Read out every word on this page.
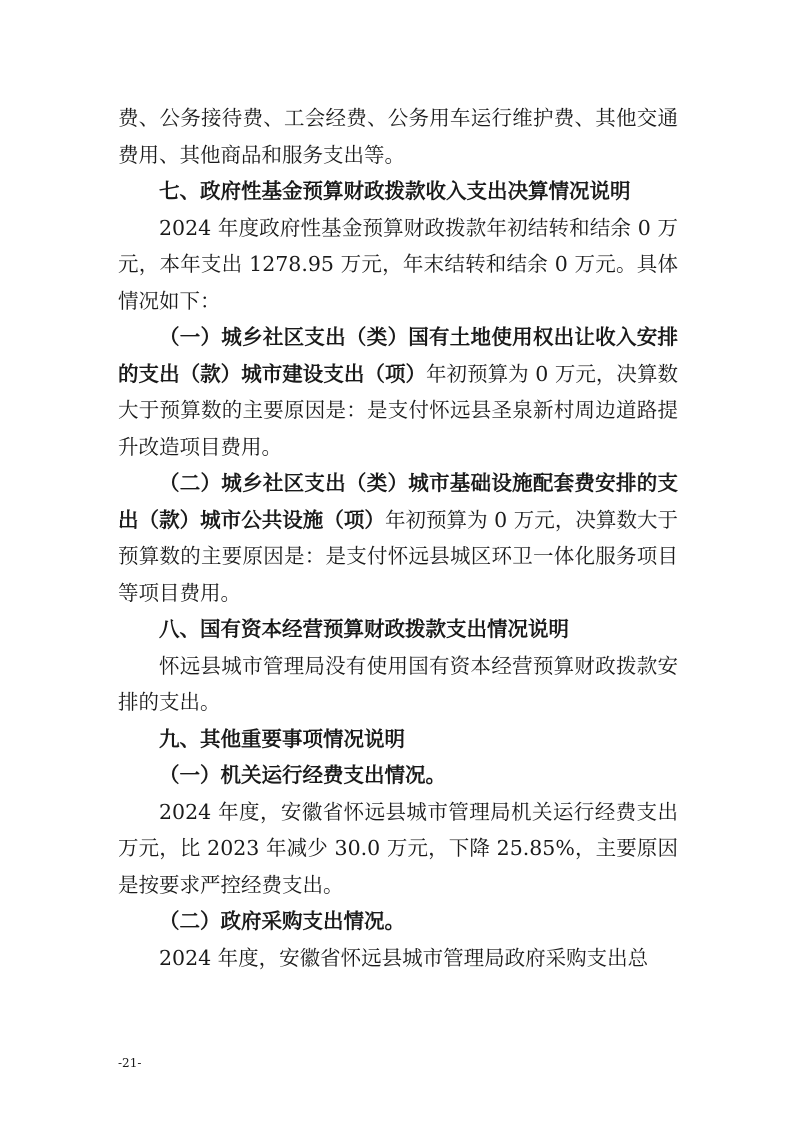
费、公务接待费、工会经费、公务用车运行维护费、其他交通费用、其他商品和服务支出等。

七、政府性基金预算财政拨款收入支出决算情况说明

2024 年度政府性基金预算财政拨款年初结转和结余 0 万元，本年支出 1278.95 万元，年末结转和结余 0 万元。具体情况如下：

（一）城乡社区支出（类）国有土地使用权出让收入安排的支出（款）城市建设支出（项）年初预算为 0 万元，决算数大于预算数的主要原因是：是支付怀远县圣泉新村周边道路提升改造项目费用。

（二）城乡社区支出（类）城市基础设施配套费安排的支出（款）城市公共设施（项）年初预算为 0 万元，决算数大于预算数的主要原因是：是支付怀远县城区环卫一体化服务项目等项目费用。

八、国有资本经营预算财政拨款支出情况说明

怀远县城市管理局没有使用国有资本经营预算财政拨款安排的支出。

九、其他重要事项情况说明

（一）机关运行经费支出情况。

2024 年度，安徽省怀远县城市管理局机关运行经费支出万元，比 2023 年减少 30.0 万元，下降 25.85%，主要原因是按要求严控经费支出。

（二）政府采购支出情况。

2024 年度，安徽省怀远县城市管理局政府采购支出总

-21-
